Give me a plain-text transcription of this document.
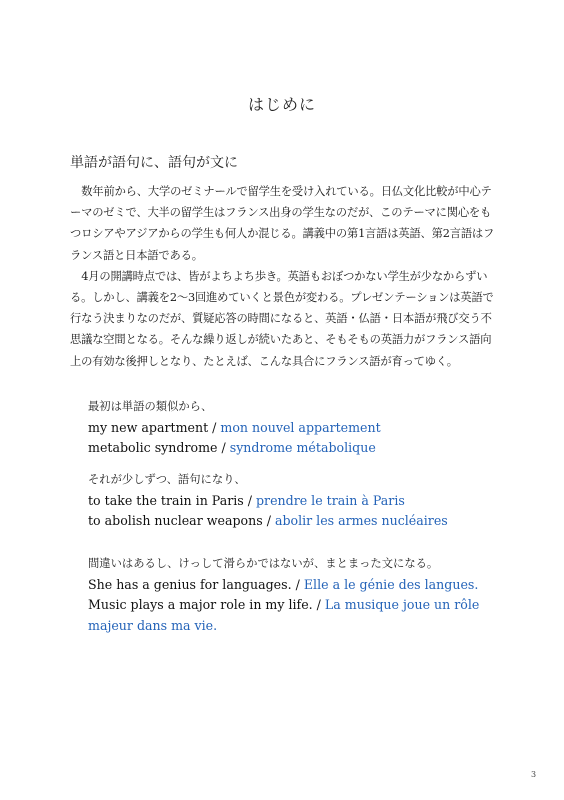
はじめに
単語が語句に、語句が文に

数年前から、大学のゼミナールで留学生を受け入れている。日仏文化比較が中心テーマのゼミで、大半の留学生はフランス出身の学生なのだが、このテーマに関心をもつロシアやアジアからの学生も何人か混じる。講義中の第1言語は英語、第2言語はフランス語と日本語である。

4月の開講時点では、皆がよちよち歩き。英語もおぼつかない学生が少なからずいる。しかし、講義を2～3回進めていくと景色が変わる。プレゼンテーションは英語で行なう決まりなのだが、質疑応答の時間になると、英語・仏語・日本語が飛び交う不思議な空間となる。そんな繰り返しが続いたあと、そもそもの英語力がフランス語向上の有効な後押しとなり、たとえば、こんな具合にフランス語が育ってゆく。

最初は単語の類似から、
my new apartment / mon nouvel appartement
metabolic syndrome / syndrome métabolique
それが少しずつ、語句になり、
to take the train in Paris / prendre le train à Paris
to abolish nuclear weapons / abolir les armes nucléaires
間違いはあるし、けっして滑らかではないが、まとまった文になる。
She has a genius for languages. / Elle a le génie des langues.
Music plays a major role in my life. / La musique joue un rôle majeur dans ma vie.
3
